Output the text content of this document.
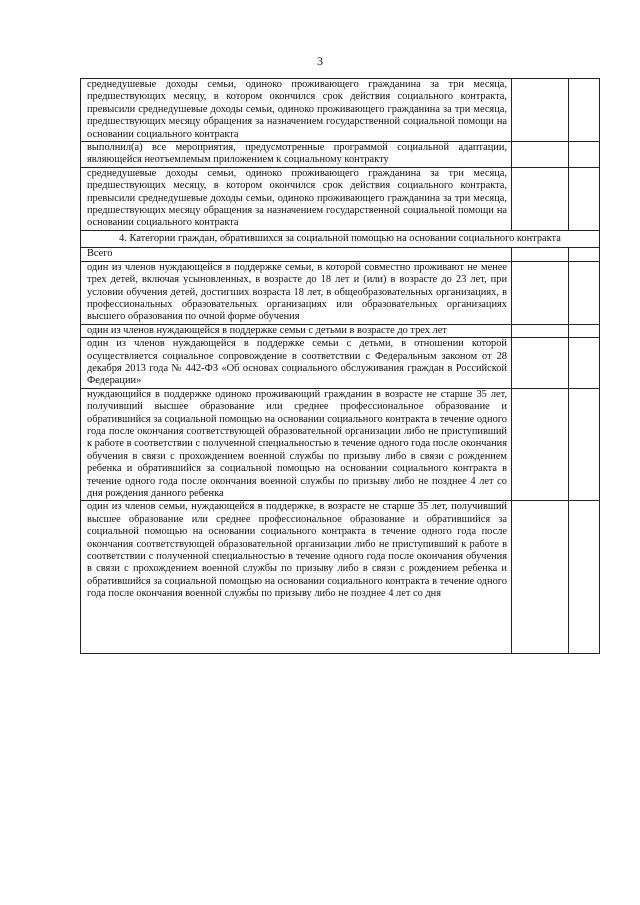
3
среднедушевые доходы семьи, одиноко проживающего гражданина за три месяца, предшествующих месяцу, в котором окончился срок действия социального контракта, превысили среднедушевые доходы семьи, одиноко проживающего гражданина за три месяца, предшествующих месяцу обращения за назначением государственной социальной помощи на основании социального контракта		
выполнил(а) все мероприятия, предусмотренные программой социальной адаптации, являющейся неотъемлемым приложением к социальному контракту		
среднедушевые доходы семьи, одиноко проживающего гражданина за три месяца, предшествующих месяцу, в котором окончился срок действия социального контракта, превысили среднедушевые доходы семьи, одиноко проживающего гражданина за три месяца, предшествующих месяцу обращения за назначением государственной социальной помощи на основании социального контракта		
4. Категории граждан, обратившихся за социальной помощью на основании социального контракта		
Всего		
один из членов нуждающейся в поддержке семьи, в которой совместно проживают не менее трех детей, включая усыновленных, в возрасте до 18 лет и (или) в возрасте до 23 лет, при условии обучения детей, достигших возраста 18 лет, в общеобразовательных организациях, в профессиональных образовательных организациях или образовательных организациях высшего образования по очной форме обучения		
один из членов нуждающейся в поддержке семьи с детьми в возрасте до трех лет		
один из членов нуждающейся в поддержке семьи с детьми, в отношении которой осуществляется социальное сопровождение в соответствии с Федеральным законом от 28 декабря 2013 года № 442-ФЗ «Об основах социального обслуживания граждан в Российской Федерации»		
нуждающийся в поддержке одиноко проживающий гражданин в возрасте не старше 35 лет, получивший высшее образование или среднее профессиональное образование и обратившийся за социальной помощью на основании социального контракта в течение одного года после окончания соответствующей образовательной организации либо не приступивший к работе в соответствии с полученной специальностью в течение одного года после окончания обучения в связи с прохождением военной службы по призыву либо в связи с рождением ребенка и обратившийся за социальной помощью на основании социального контракта в течение одного года после окончания военной службы по призыву либо не позднее 4 лет со дня рождения данного ребенка		

один из членов семьи, нуждающейся в поддержке, в возрасте не старше 35 лет, получивший высшее образование или среднее профессиональное образование и обратившийся за социальной помощью на основании социального контракта в течение одного года после окончания соответствующей образовательной организации либо не приступивший к работе в соответствии с полученной специальностью в течение одного года после окончания обучения в связи с прохождением военной службы по призыву либо в связи с рождением ребенка и обратившийся за социальной помощью на основании социального контракта в течение одного года после окончания военной службы по призыву либо не позднее 4 лет со дня		
